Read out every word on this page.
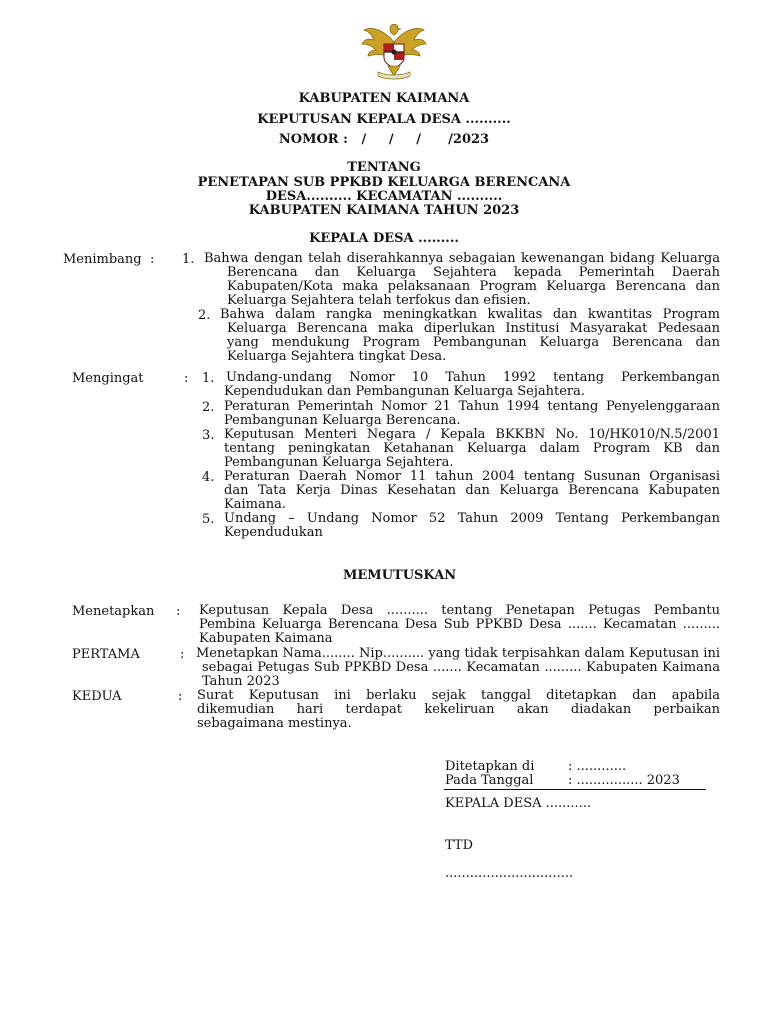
KABUPATEN KAIMANA
KEPUTUSAN KEPALA DESA ..........
NOMOR :   /     /     /      /2023
TENTANG
PENETAPAN SUB PPKBD KELUARGA BERENCANA
DESA.......... KECAMATAN ..........
KABUPATEN KAIMANA TAHUN 2023
KEPALA DESA .........
Menimbang : 1. Bahwa dengan telah diserahkannya sebagaian kewenangan bidang Keluarga
Berencana dan Keluarga Sejahtera kepada Pemerintah Daerah
Kabupaten/Kota maka pelaksanaan Program Keluarga Berencana dan
Keluarga Sejahtera telah terfokus dan efisien.
2. Bahwa dalam rangka meningkatkan kwalitas dan kwantitas Program
Keluarga Berencana maka diperlukan Institusi Masyarakat Pedesaan
yang mendukung Program Pembangunan Keluarga Berencana dan
Keluarga Sejahtera tingkat Desa.
Mengingat	: 1. Undang-undang Nomor 10 Tahun 1992 tentang Perkembangan
Kependudukan dan Pembangunan Keluarga Sejahtera.
2. Peraturan Pemerintah Nomor 21 Tahun 1994 tentang Penyelenggaraan
Pembangunan Keluarga Berencana.
3. Keputusan Menteri Negara / Kepala BKKBN No. 10/HK010/N.5/2001
tentang peningkatan Ketahanan Keluarga dalam Program KB dan
Pembangunan Keluarga Sejahtera.
4. Peraturan Daerah Nomor 11 tahun 2004 tentang Susunan Organisasi
dan Tata Kerja Dinas Kesehatan dan Keluarga Berencana Kabupaten
Kaimana.
5. Undang – Undang Nomor 52 Tahun 2009 Tentang Perkembangan
Kependudukan
MEMUTUSKAN
Menetapkan : Keputusan Kepala Desa .......... tentang Penetapan Petugas Pembantu
Pembina Keluarga Berencana Desa Sub PPKBD Desa ....... Kecamatan .........
Kabupaten Kaimana
PERTAMA	: Menetapkan Nama........ Nip.......... yang tidak terpisahkan dalam Keputusan ini
sebagai Petugas Sub PPKBD Desa ....... Kecamatan ......... Kabupaten Kaimana
Tahun 2023
KEDUA	: Surat Keputusan ini berlaku sejak tanggal ditetapkan dan apabila
dikemudian hari terdapat kekeliruan akan diadakan perbaikan
sebagaimana mestinya.
Ditetapkan di	: ............
Pada Tanggal	: ................ 2023
KEPALA DESA ...........
TTD
...............................
